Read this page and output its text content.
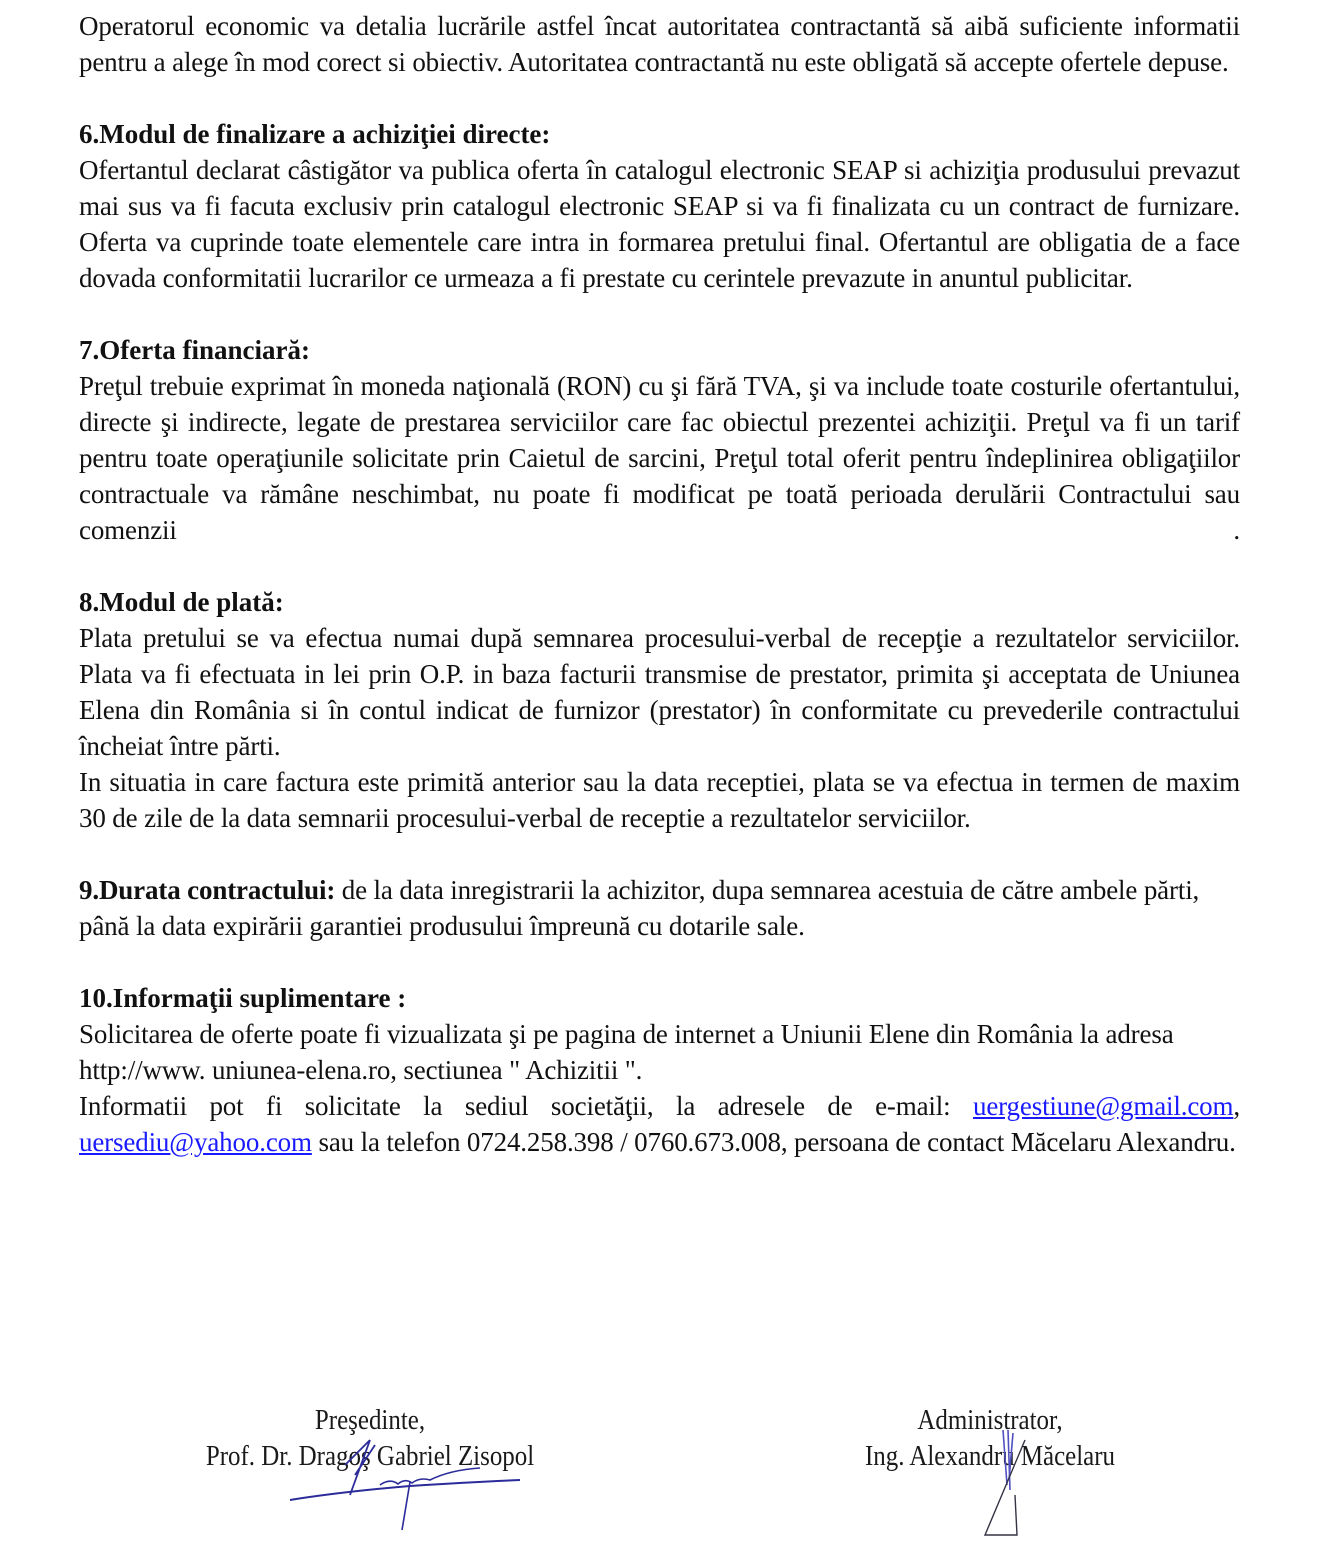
Operatorul economic va detalia lucrările astfel încat autoritatea contractantă să aibă suficiente informatii pentru a alege în mod corect si obiectiv. Autoritatea contractantă nu este obligată să accepte ofertele depuse.

6.Modul de finalizare a achiziţiei directe:

Ofertantul declarat câstigător va publica oferta în catalogul electronic SEAP si achiziţia produsului prevazut mai sus va fi facuta exclusiv prin catalogul electronic SEAP si va fi finalizata cu un contract de furnizare. Oferta va cuprinde toate elementele care intra in formarea pretului final. Ofertantul are obligatia de a face dovada conformitatii lucrarilor ce urmeaza a fi prestate cu cerintele prevazute in anuntul publicitar.

7.Oferta financiară:

Preţul trebuie exprimat în moneda naţională (RON) cu şi fără TVA, şi va include toate costurile ofertantului, directe şi indirecte, legate de prestarea serviciilor care fac obiectul prezentei achiziţii. Preţul va fi un tarif pentru toate operaţiunile solicitate prin Caietul de sarcini, Preţul total oferit pentru îndeplinirea obligaţiilor contractuale va rămâne neschimbat, nu poate fi modificat pe toată perioada derulării Contractului sau comenzii .

8.Modul de plată:

Plata pretului se va efectua numai după semnarea procesului-verbal de recepţie a rezultatelor serviciilor. Plata va fi efectuata in lei prin O.P. in baza facturii transmise de prestator, primita şi acceptata de Uniunea Elena din România si în contul indicat de furnizor (prestator) în conformitate cu prevederile contractului încheiat între părti.

In situatia in care factura este primită anterior sau la data receptiei, plata se va efectua in termen de maxim 30 de zile de la data semnarii procesului-verbal de receptie a rezultatelor serviciilor.

9.Durata contractului: de la data inregistrarii la achizitor, dupa semnarea acestuia de către ambele părti, până la data expirării garantiei produsului împreună cu dotarile sale.

10.Informaţii suplimentare :

Solicitarea de oferte poate fi vizualizata şi pe pagina de internet a Uniunii Elene din România la adresa http://www. uniunea-elena.ro, sectiunea " Achizitii ".

Informatii pot fi solicitate la sediul societăţii, la adresele de e-mail: uergestiune@gmail.com, uersediu@yahoo.com sau la telefon 0724.258.398 / 0760.673.008, persoana de contact Măcelaru Alexandru.

Preşedinte,
Prof. Dr. Dragoş Gabriel Zisopol
Administrator,
Ing. Alexandru Măcelaru
